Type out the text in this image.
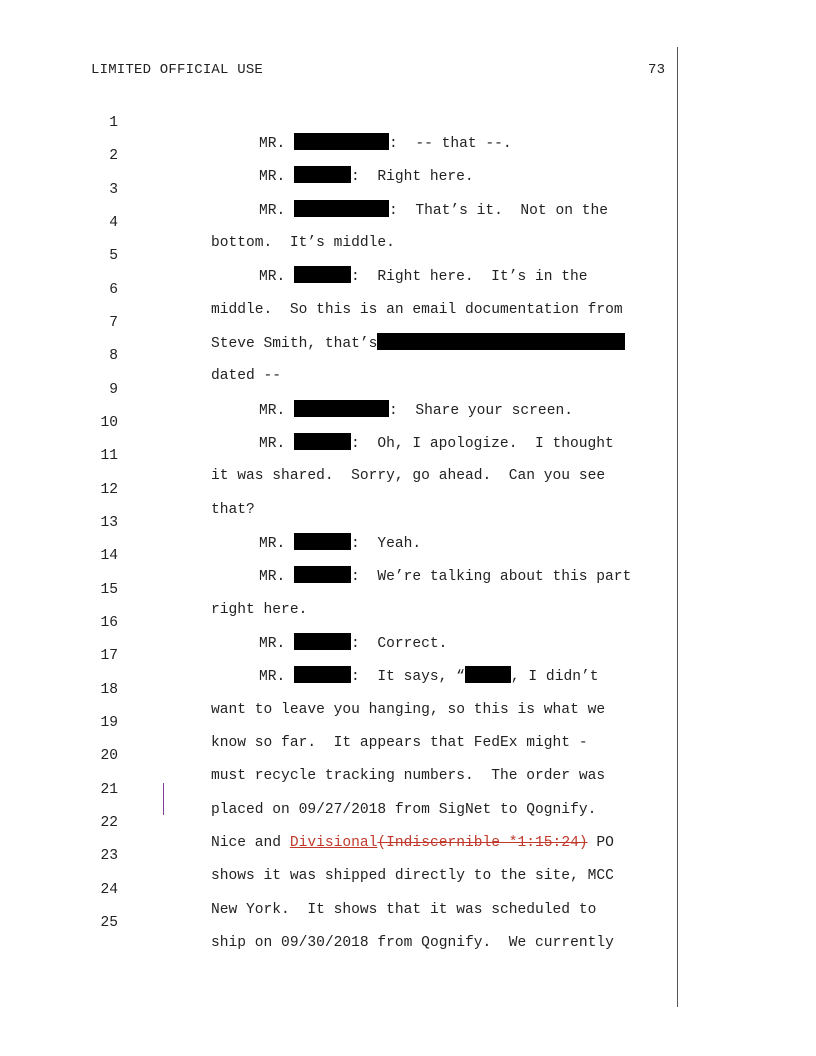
LIMITED OFFICIAL USE	73

1

MR.	:  -- that --.

2

MR.	:  Right here.

3

MR.	:  That’s it.  Not on the

4

bottom.  It’s middle.

5

MR.	:  Right here.  It’s in the

6

middle.  So this is an email documentation from

7

Steve Smith, that’s

8

dated --

9

MR.	:  Share your screen.

10

MR.	:  Oh, I apologize.  I thought

11

it was shared.  Sorry, go ahead.  Can you see

12

that?

13

MR.	:  Yeah.

14

MR.	:  We’re talking about this part

15

right here.

16

MR.	:  Correct.

17

MR.	:  It says, “	, I didn’t

18

want to leave you hanging, so this is what we

19

know so far.  It appears that FedEx might -

20

must recycle tracking numbers.  The order was

21

placed on 09/27/2018 from SigNet to Qognify.

22

Nice and Divisional(Indiscernible *1:15:24) PO

23

shows it was shipped directly to the site, MCC

24

New York.  It shows that it was scheduled to

25

ship on 09/30/2018 from Qognify.  We currently
